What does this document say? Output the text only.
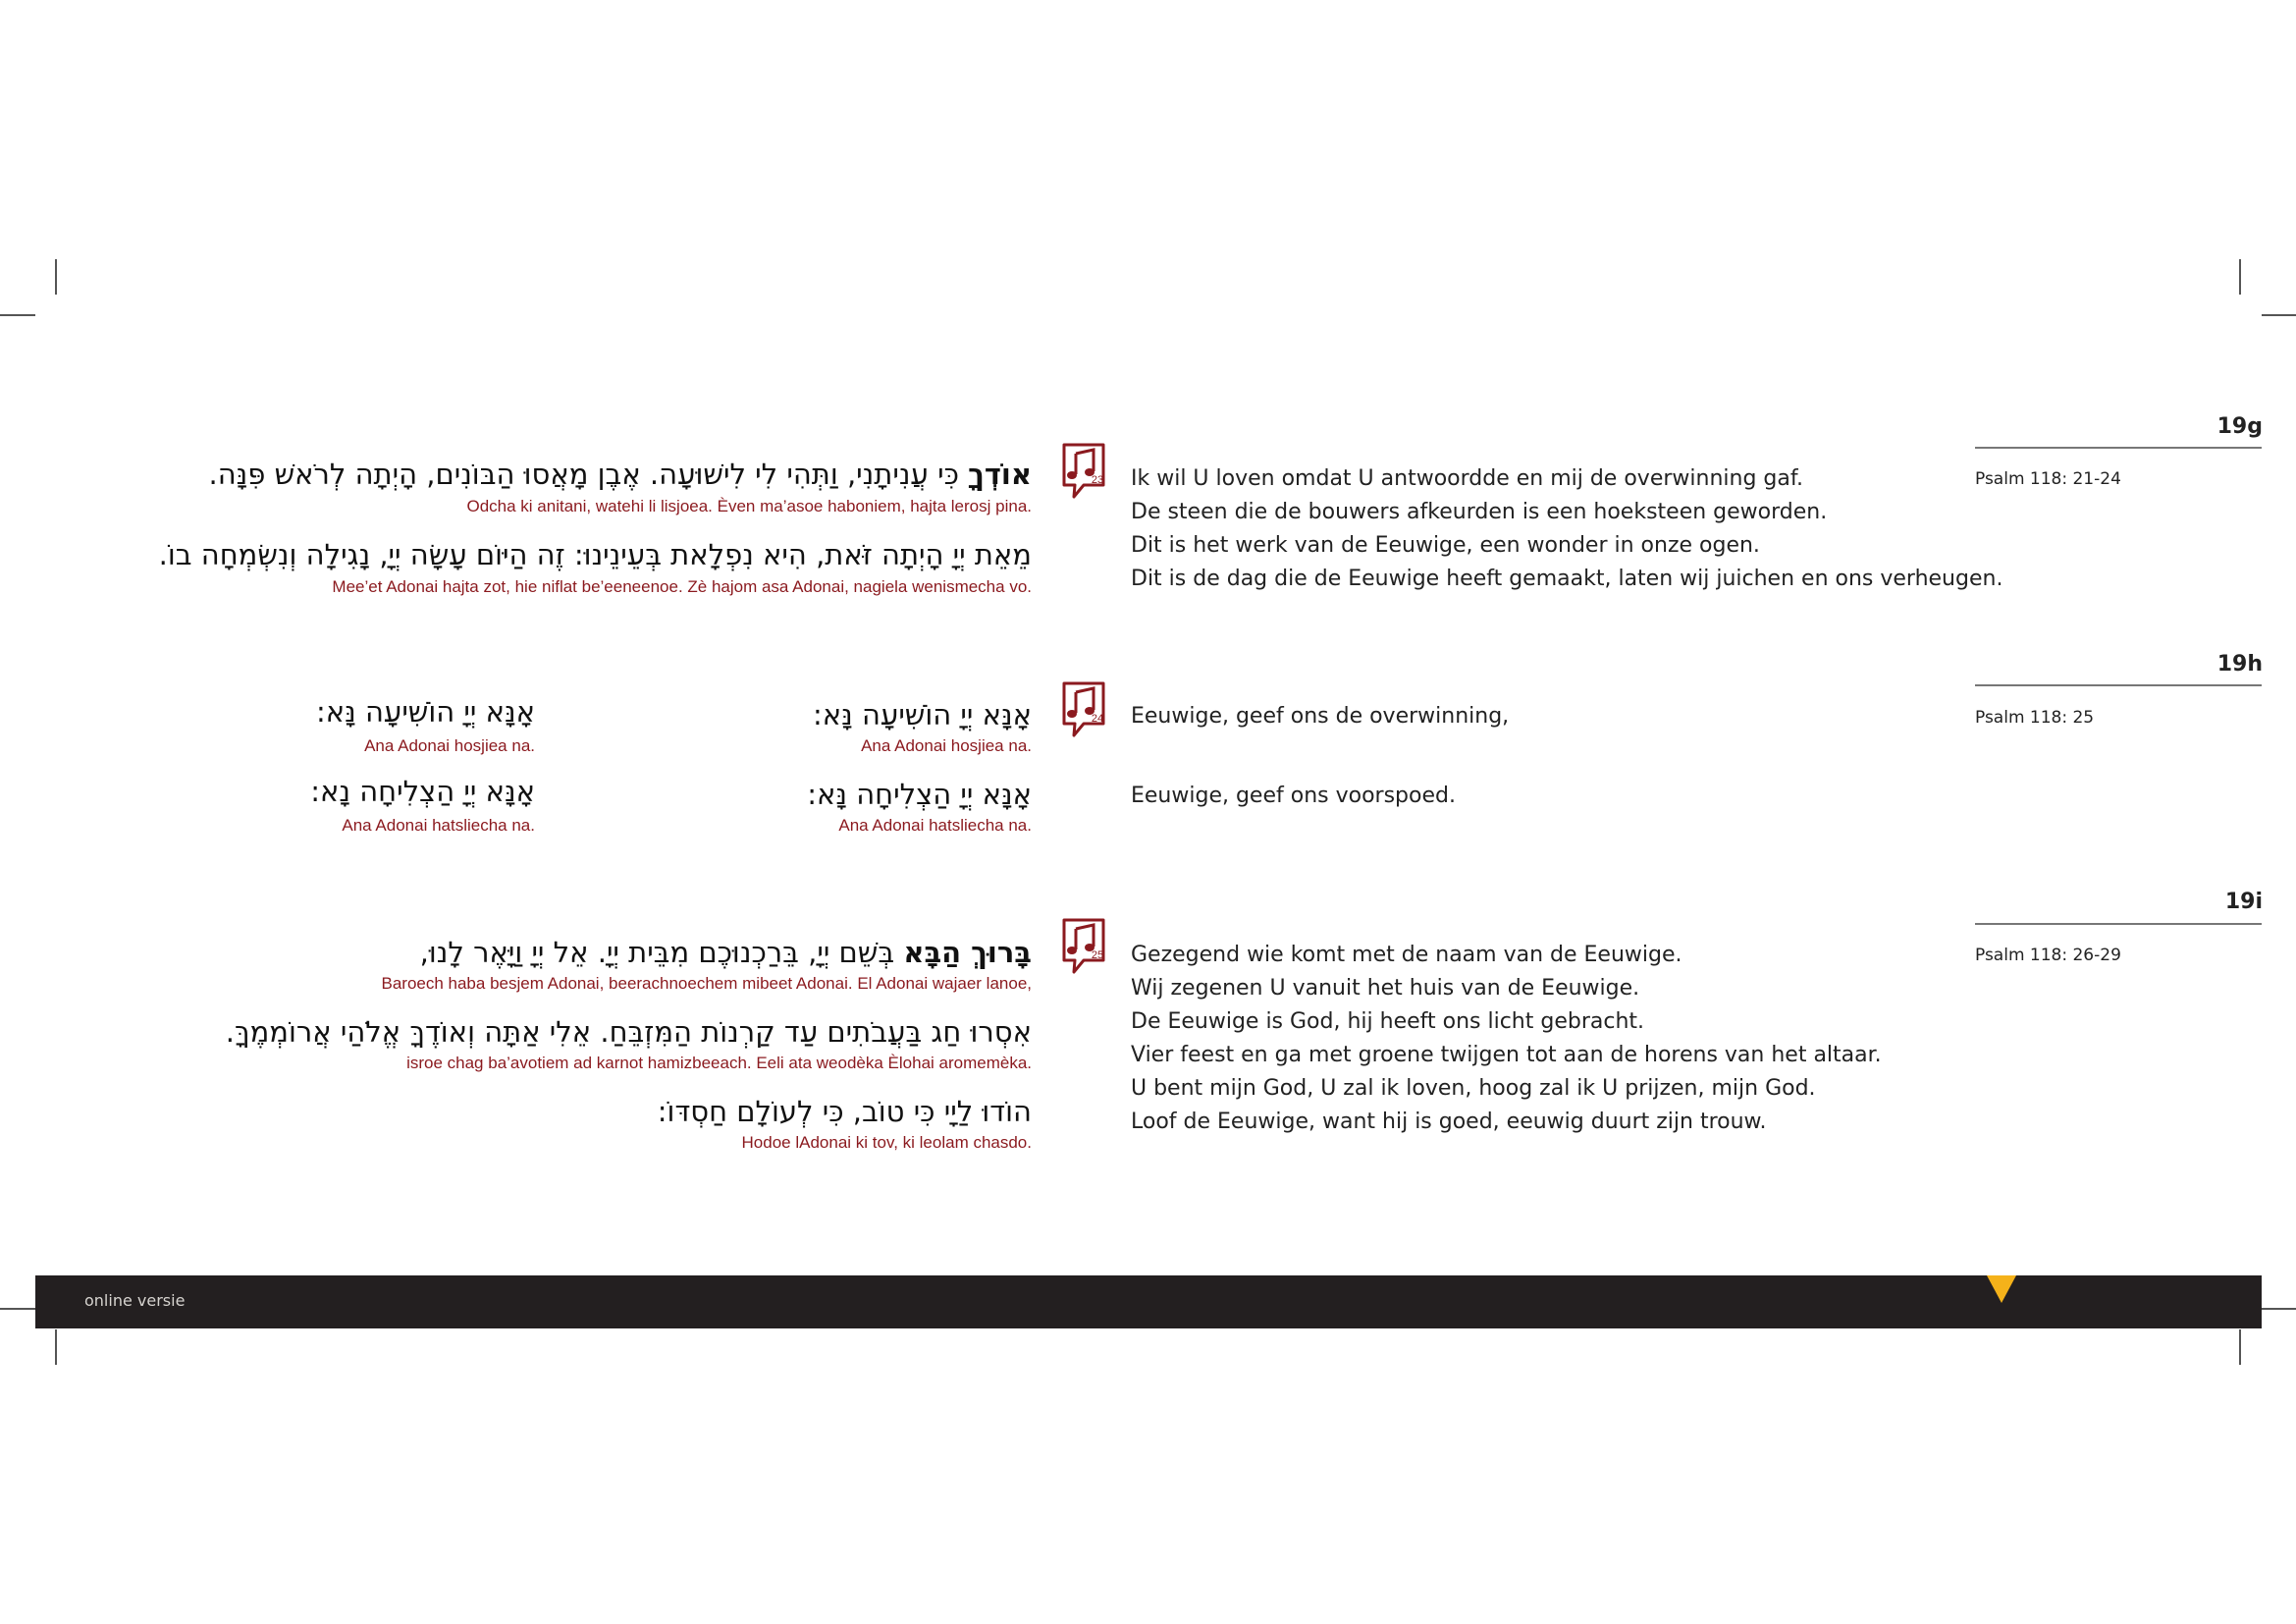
19g
Psalm 118: 21-24
אוֹדְךָ כִּי עֲנִיתָנִי, וַתְּהִי לִי לִישׁוּעָה. אֶבֶן מָאֲסוּ הַבּוֹנִים, הָיְתָה לְרֹאשׁ פִּנָּה.
Odcha ki anitani, watehi li lisjoea. Èven ma’asoe haboniem, hajta lerosj pina.
מֵאֵת יְיָ הָיְתָה זֹּאת, הִיא נִפְלָאת בְּעֵינֵינוּ: זֶה הַיּוֹם עָשָׂה יְיָ, נָגִילָה וְנִשְׂמְחָה בוֹ.
Mee’et Adonai hajta zot, hie niflat be’eeneenoe. Zè hajom asa Adonai, nagiela wenismecha vo.
23 Ik wil U loven omdat U antwoordde en mij de overwinning gaf.
De steen die de bouwers afkeurden is een hoeksteen geworden.
Dit is het werk van de Eeuwige, een wonder in onze ogen.
Dit is de dag die de Eeuwige heeft gemaakt, laten wij juichen en ons verheugen.
19h
Psalm 118: 25
אָנָּא יְיָ הוֹשִׁיעָה נָּא:
Ana Adonai hosjiea na.
אָנָּא יְיָ הוֹשִׁיעָה נָּא:
Ana Adonai hosjiea na.
אָנָּא יְיָ הַצְלִיחָה נָּא:
Ana Adonai hatsliecha na.
אָנָּא יְיָ הַצְלִיחָה נָא:
Ana Adonai hatsliecha na.
24 Eeuwige, geef ons de overwinning,
Eeuwige, geef ons voorspoed.
19i
Psalm 118: 26-29
בָּרוּךְ הַבָּא בְּשֵׁם יְיָ, בֵּרַכְנוּכֶם מִבֵּית יְיָ. אֵל יְיָ וַיָּאֶר לָנוּ,
Baroech haba besjem Adonai, beerachnoechem mibeet Adonai. El Adonai wajaer lanoe,
אִסְרוּ חַג בַּעֲבֹתִים עַד קַרְנוֹת הַמִּזְבֵּחַ. אֵלִי אַתָּה וְאוֹדֶךָּ אֱלֹהַי אֲרוֹמְמֶךָּ.
isroe chag ba’avotiem ad karnot hamizbeeach. Eeli ata weodèka Èlohai aromemèka.
הוֹדוּ לַיָי כִּי טוֹב, כִּי לְעוֹלָם חַסְדּוֹ:
Hodoe lAdonai ki tov, ki leolam chasdo.
25 Gezegend wie komt met de naam van de Eeuwige.
Wij zegenen U vanuit het huis van de Eeuwige.
De Eeuwige is God, hij heeft ons licht gebracht.
Vier feest en ga met groene twijgen tot aan de horens van het altaar.
U bent mijn God, U zal ik loven, hoog zal ik U prijzen, mijn God.
Loof de Eeuwige, want hij is goed, eeuwig duurt zijn trouw.
online versie
